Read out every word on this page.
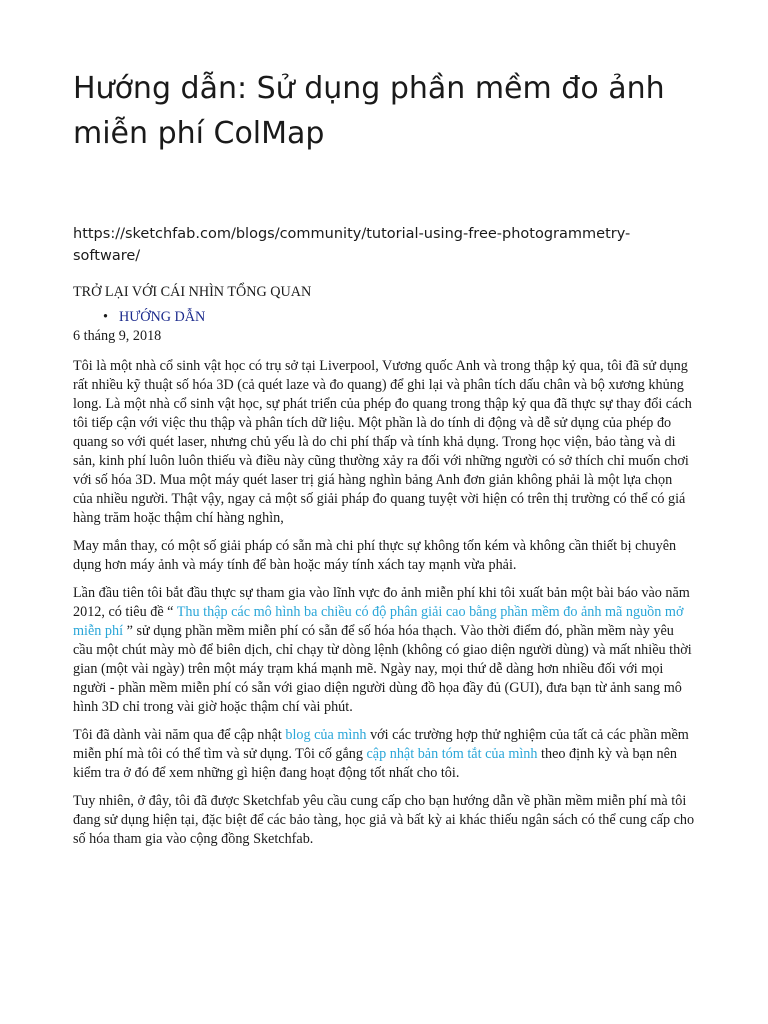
Hướng dẫn: Sử dụng phần mềm đo ảnh miễn phí ColMap
https://sketchfab.com/blogs/community/tutorial-using-free-photogrammetry-software/
TRỞ LẠI VỚI CÁI NHÌN TỔNG QUAN
• HƯỚNG DẪN
6 tháng 9, 2018

Tôi là một nhà cổ sinh vật học có trụ sở tại Liverpool, Vương quốc Anh và trong thập kỷ qua, tôi đã sử dụng rất nhiều kỹ thuật số hóa 3D (cả quét laze và đo quang) để ghi lại và phân tích dấu chân và bộ xương khủng long. Là một nhà cổ sinh vật học, sự phát triển của phép đo quang trong thập kỷ qua đã thực sự thay đổi cách tôi tiếp cận với việc thu thập và phân tích dữ liệu. Một phần là do tính di động và dễ sử dụng của phép đo quang so với quét laser, nhưng chủ yếu là do chi phí thấp và tính khả dụng. Trong học viện, bảo tàng và di sản, kinh phí luôn luôn thiếu và điều này cũng thường xảy ra đối với những người có sở thích chỉ muốn chơi với số hóa 3D. Mua một máy quét laser trị giá hàng nghìn bảng Anh đơn giản không phải là một lựa chọn của nhiều người. Thật vậy, ngay cả một số giải pháp đo quang tuyệt vời hiện có trên thị trường có thể có giá hàng trăm hoặc thậm chí hàng nghìn,

May mắn thay, có một số giải pháp có sẵn mà chi phí thực sự không tốn kém và không cần thiết bị chuyên dụng hơn máy ảnh và máy tính để bàn hoặc máy tính xách tay mạnh vừa phải.

Lần đầu tiên tôi bắt đầu thực sự tham gia vào lĩnh vực đo ảnh miễn phí khi tôi xuất bản một bài báo vào năm 2012, có tiêu đề “ Thu thập các mô hình ba chiều có độ phân giải cao bằng phần mềm đo ảnh mã nguồn mở miễn phí ” sử dụng phần mềm miễn phí có sẵn để số hóa hóa thạch. Vào thời điểm đó, phần mềm này yêu cầu một chút mày mò để biên dịch, chỉ chạy từ dòng lệnh (không có giao diện người dùng) và mất nhiều thời gian (một vài ngày) trên một máy trạm khá mạnh mẽ. Ngày nay, mọi thứ dễ dàng hơn nhiều đối với mọi người - phần mềm miễn phí có sẵn với giao diện người dùng đồ họa đầy đủ (GUI), đưa bạn từ ảnh sang mô hình 3D chỉ trong vài giờ hoặc thậm chí vài phút.

Tôi đã dành vài năm qua để cập nhật blog của mình với các trường hợp thử nghiệm của tất cả các phần mềm miễn phí mà tôi có thể tìm và sử dụng. Tôi cố gắng cập nhật bản tóm tắt của mình theo định kỳ và bạn nên kiểm tra ở đó để xem những gì hiện đang hoạt động tốt nhất cho tôi.

Tuy nhiên, ở đây, tôi đã được Sketchfab yêu cầu cung cấp cho bạn hướng dẫn về phần mềm miễn phí mà tôi đang sử dụng hiện tại, đặc biệt để các bảo tàng, học giả và bất kỳ ai khác thiếu ngân sách có thể cung cấp cho số hóa tham gia vào cộng đồng Sketchfab.
